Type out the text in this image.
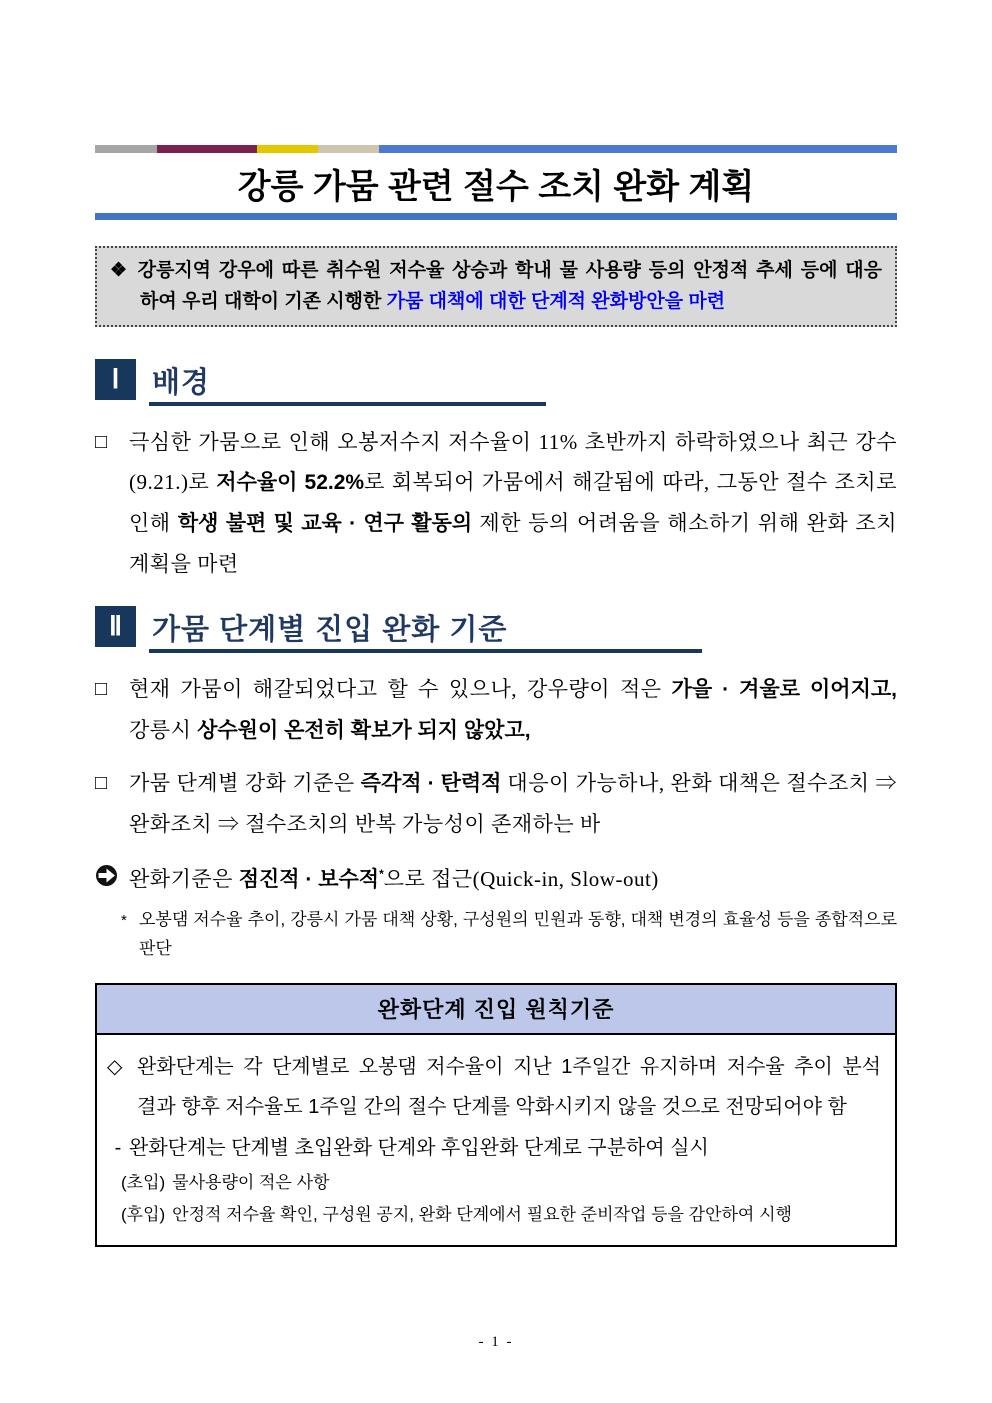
강릉 가뭄 관련 절수 조치 완화 계획
❖ 강릉지역 강우에 따른 취수원 저수율 상승과 학내 물 사용량 등의 안정적 추세 등에 대응 하여 우리 대학이 기존 시행한 가뭄 대책에 대한 단계적 완화방안을 마련
Ⅰ	배경
□	극심한 가뭄으로 인해 오봉저수지 저수율이 11% 초반까지 하락하였으나 최근 강수(9.21.)로 저수율이 52.2%로 회복되어 가뭄에서 해갈됨에 따라, 그동안 절수 조치로 인해 학생 불편 및 교육 · 연구 활동의 제한 등의 어려움을 해소하기 위해 완화 조치 계획을 마련
Ⅱ	가뭄 단계별 진입 완화 기준
□	현재 가뭄이 해갈되었다고 할 수 있으나, 강우량이 적은 가을 · 겨울로 이어지고, 강릉시 상수원이 온전히 확보가 되지 않았고,
□	가뭄 단계별 강화 기준은 즉각적 · 탄력적 대응이 가능하나, 완화 대책은 절수조치 ⇒ 완화조치 ⇒ 절수조치의 반복 가능성이 존재하는 바
완화기준은 점진적 · 보수적*으로 접근(Quick-in, Slow-out)
* 오봉댐 저수율 추이, 강릉시 가뭄 대책 상황, 구성원의 민원과 동향, 대책 변경의 효율성 등을 종합적으로 판단
완화단계 진입 원칙기준
◇ 완화단계는 각 단계별로 오봉댐 저수율이 지난 1주일간 유지하며 저수율 추이 분석 결과 향후 저수율도 1주일 간의 절수 단계를 악화시키지 않을 것으로 전망되어야 함
- 완화단계는 단계별 초입완화 단계와 후입완화 단계로 구분하여 실시
(초입) 물사용량이 적은 사항
(후입) 안정적 저수율 확인, 구성원 공지, 완화 단계에서 필요한 준비작업 등을 감안하여 시행
- 1 -
